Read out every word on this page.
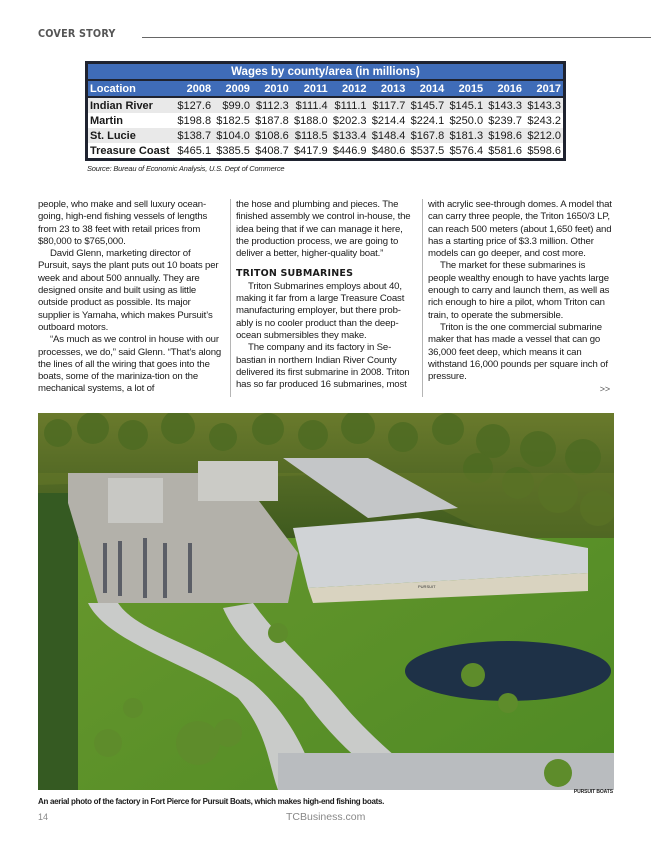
COVER STORY
Wages by county/area (in millions)										
Location	2008	2009	2010	2011	2012	2013	2014	2015	2016	2017
Indian River	$127.6	$99.0	$112.3	$111.4	$111.1	$117.7	$145.7	$145.1	$143.3	$143.3
Martin	$198.8	$182.5	$187.8	$188.0	$202.3	$214.4	$224.1	$250.0	$239.7	$243.2
St. Lucie	$138.7	$104.0	$108.6	$118.5	$133.4	$148.4	$167.8	$181.3	$198.6	$212.0
Treasure Coast	$465.1	$385.5	$408.7	$417.9	$446.9	$480.6	$537.5	$576.4	$581.6	$598.6
Source: Bureau of Economic Analysis, U.S. Dept of Commerce

people, who make and sell luxury ocean-going, high-end fishing vessels of lengths from 23 to 38 feet with retail prices from $80,000 to $765,000.

David Glenn, marketing director of Pursuit, says the plant puts out 10 boats per week and about 500 annually. They are designed onsite and built using as little outside product as possible. Its major supplier is Yamaha, which makes Pursuit’s outboard motors.

“As much as we control in house with our processes, we do,” said Glenn. “That’s along the lines of all the wiring that goes into the boats, some of the mariniza-tion on the mechanical systems, a lot of

the hose and plumbing and pieces. The finished assembly we control in-house, the idea being that if we can manage it here, the production process, we are going to deliver a better, higher-quality boat.”

TRITON SUBMARINES

Triton Submarines employs about 40, making it far from a large Treasure Coast manufacturing employer, but there prob-ably is no cooler product than the deep-ocean submersibles they make.

The company and its factory in Se-bastian in northern Indian River County delivered its first submarine in 2008. Triton has so far produced 16 submarines, most

with acrylic see-through domes. A model that can carry three people, the Triton 1650/3 LP, can reach 500 meters (about 1,650 feet) and has a starting price of $3.3 million. Other models can go deeper, and cost more.

The market for these submarines is people wealthy enough to have yachts large enough to carry and launch them, as well as rich enough to hire a pilot, whom Triton can train, to operate the submersible.

Triton is the one commercial submarine maker that has made a vessel that can go 36,000 feet deep, which means it can withstand 16,000 pounds per square inch of pressure.

>>
PURSUIT
PURSUIT BOATS
An aerial photo of the factory in Fort Pierce for Pursuit Boats, which makes high-end fishing boats.
14	TCBusiness.com
